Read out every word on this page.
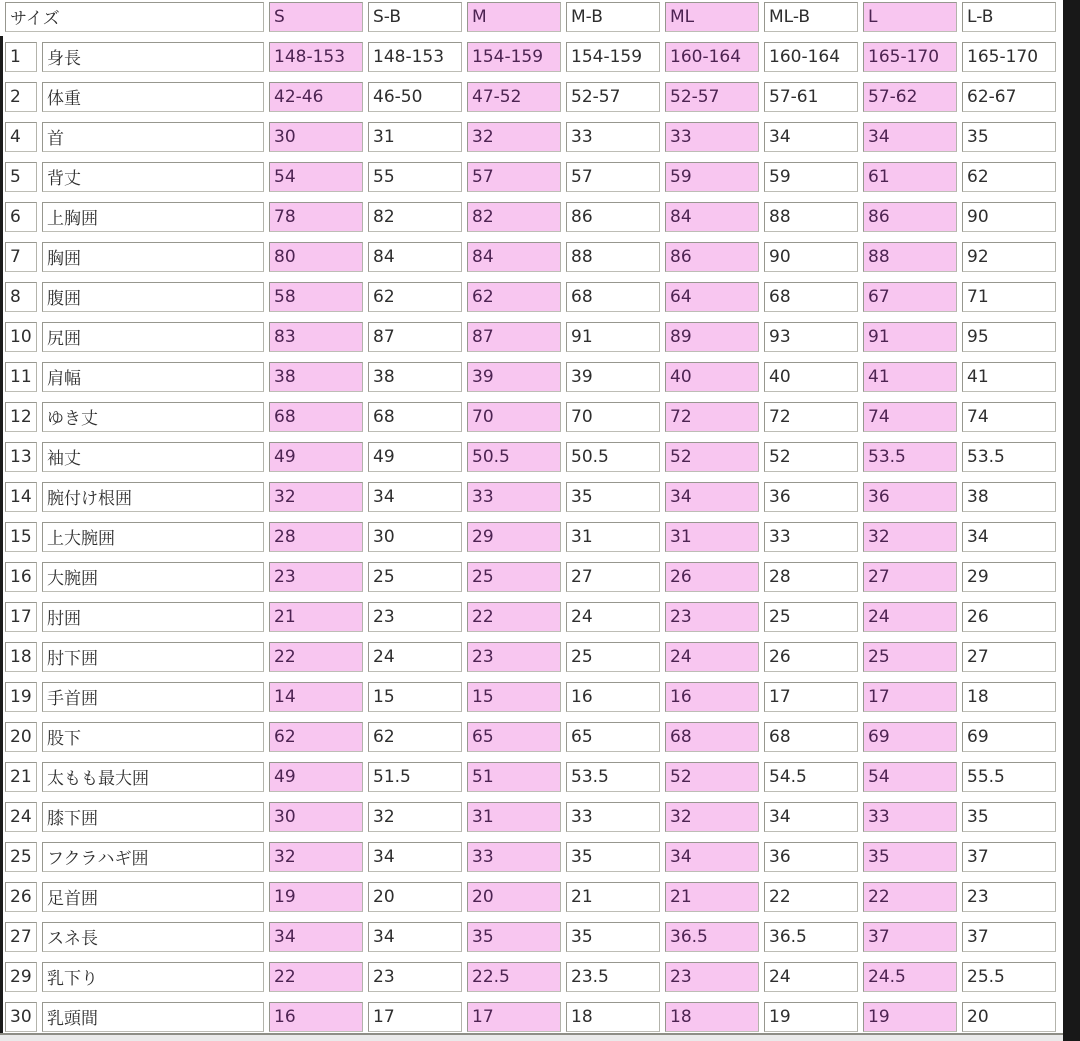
サイズ		S	S-B	M	M-B	ML	ML-B	L	L-B
1	身長	148-153	148-153	154-159	154-159	160-164	160-164	165-170	165-170
2	体重	42-46	46-50	47-52	52-57	52-57	57-61	57-62	62-67
4	首	30	31	32	33	33	34	34	35
5	背丈	54	55	57	57	59	59	61	62
6	上胸囲	78	82	82	86	84	88	86	90
7	胸囲	80	84	84	88	86	90	88	92
8	腹囲	58	62	62	68	64	68	67	71
10	尻囲	83	87	87	91	89	93	91	95
11	肩幅	38	38	39	39	40	40	41	41
12	ゆき丈	68	68	70	70	72	72	74	74
13	袖丈	49	49	50.5	50.5	52	52	53.5	53.5
14	腕付け根囲	32	34	33	35	34	36	36	38
15	上大腕囲	28	30	29	31	31	33	32	34
16	大腕囲	23	25	25	27	26	28	27	29
17	肘囲	21	23	22	24	23	25	24	26
18	肘下囲	22	24	23	25	24	26	25	27
19	手首囲	14	15	15	16	16	17	17	18
20	股下	62	62	65	65	68	68	69	69
21	太もも最大囲	49	51.5	51	53.5	52	54.5	54	55.5
24	膝下囲	30	32	31	33	32	34	33	35
25	フクラハギ囲	32	34	33	35	34	36	35	37
26	足首囲	19	20	20	21	21	22	22	23
27	スネ長	34	34	35	35	36.5	36.5	37	37
29	乳下り	22	23	22.5	23.5	23	24	24.5	25.5
30	乳頭間	16	17	17	18	18	19	19	20
